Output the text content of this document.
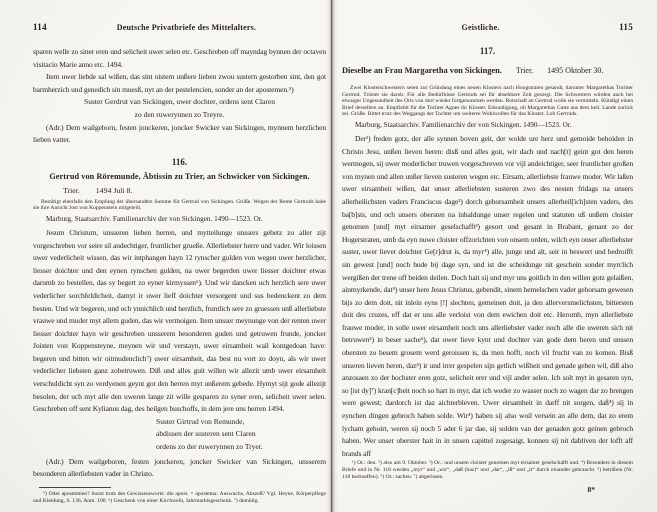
114	Deutsche Privatbriefe des Mittelalters.
sparen welle zo siner eren und selicheit uwer selen etc. Geschreben off mayndag bynnen der octaven visitacio Marie anno etc. 1494.
Item uwer liebde sal wißen, das sint oistern unßere lieben zwou sustern gestorben sint, den got barmherzich und genedich sin muesß, nyt an der pestelencien, sonder an der apostemen.⁵)
Suster Gerdrut van Sickingen, uwer dochter, ordens sent Claren
zo den ruwerynnen zo Treyre.
(Adr.) Dem wailgeborn, festen jonckeren, joncker Swicker van Sickingen, mynnem herzlichen lieben vatter.
116.
Gertrud von Röremunde, Äbtissin zu Trier, an Schwicker von Sickingen.
Trier. 1494 Juli 8.
Bestätigt ebenfalls den Empfang der übersandten Summe für Gertrud von Sickingen. Grüße. Wegen der Rente Gertruds habe sie ihre Ansicht Jost von Koppenstein mitgeteilt.
Marburg, Staatsarchiv. Familienarchiv der von Sickingen. 1490—1523. Or.
Jesum Christum, unsseren lieben herren, und mytteilunge unssers gebetz zo aller zijt vorgeschreben vor seire sil andechtiger, fruntlicher grueße. Allerliebster herre und vader. Wir loissen uwer vederlicheit wissen, das wir intphangen hayn 12 rynscher gulden von wegen uwer herzlicher, liesser doichter und den eynen rynschen gulden, na uwer begerden uwer liesser doichter etwas darumb zo bestellen, das sy begert zo eyner kirmyssen⁶). Und wir dancken uch herzlich sere uwer vederlicher sorchfeldicheit, damyt ir uwer lieff doichter versorgent und sus bedenckent zo dem besten. Und wir begeren, und och ynnichlich und herzlich, fruntlich sere zo gruessen unß allerliebste vrauwe und muder myt allem guden, das wir vermoigen. Item unsser meynunge von der renten uwer liesser doichter hayn wir geschreben unsserem besonderen guden und getruwen frunde, joncker Joisten von Koppensteyne, meynen wir und verstayn, uwer eirsamheit wail kontgedoan have: begeren und bitten wir oitmudenclich⁷) uwer eirsamheit, das best nu vort zo doyn, als wir uwer vederlicher liebsten ganz zobetruwen. Diß und alles guit willen wir allezit umb uwer eirsamheit verschuldicht syn zo verdyenen geynt got den herren myt unßerem gebede. Hymyt sijt gode allezijt besolen, der uch myt alle den uweren lange zit wille gesparen zo syner eren, selicheit uwer selen. Geschreben off sent Kylianus dag, des heilgen buschoffs, in dem jere uns herren 1494.
Suster Girtrud von Remunde,
abdissen der susteren sent Claren
ordens zo der ruwerynnen zo Tryer.
(Adr.) Dem wailgeboren, festen jonckeren, joncker Swicker van Sickingen, unsserem besonderen allerliebsten vader in Christo.
⁵) Oder apostemien? Sonst trotz des Gewissensworts: die apost. = apostema: Auswuchs, Abszeß? Vgl. Heyne, Körperpflege und Kleidung, S. 136, Anm. 100. ⁶) Geschenk von einer Kirchweih, Jahrmarktsgeschenk. ⁷) demütig.
Geistliche.	115
117.
Dieselbe an Frau Margaretha von Sickingen. Trier. 1495 Oktober 30.
Zwei Klosterschwestern seien zur Gründung eines neuen Klosters nach Hoogstraten gesandt, darunter Margarethas Tochter Gertrud. Tröstet sie darob. Für alle Bedürfnisse Gertruds sei für absehbare Zeit gesorgt. Die Schwestern würden auch bei etwaiger Ungesundheit des Orts von dort wieder fortgenommen werden. Botschaft an Gertrud wolle sie vermitteln. Kündigt einen Brief derselben an. Empfiehlt für die Tochter Agnes ihr Kloster. Erkundigung, ob Margarethas Gatte aus dem heil. Lande zurück sei. Grüße. Bittet trotz des Weggangs der Tochter um weiteres Wohlwollen für das Kloster. Lob Gertruds.
Marburg, Staatsarchiv. Familienarchiv der von Sickingen. 1490—1523. Or.
Der¹) freden gotz, der alle synnen boven geit, der wolde ure herz und gemoide behoiden in Christo Jesu, unßen lieven heren: disß und alles goit, wir dach und nach[t] geint got den heren wermogen, sij uwer moderlicher truwen vorgeschreven vor vijl andeichtiger, seer fruntlicher großen von mynen und allen unßer lieven susteren wegen etc. Eirsam, allerliebste frauwe moder. Wir laßen uwer eirsamheit wißen, dat unser allerliebsten susteren zwo des nesten fridags na unsers allerheilichsten vaders Franciscus dage²) dorch gehorsamheit unsers allerheil[ich]sten vaders, des ba[b]sts, und och unsers obersten na inhaldunge unser regelen und statuten uß unßem cloister genomen [und] myt eirsamer geselschafft³) gesort und gesant in Brabant, genant zo der Hogerstraten, umb da eyn nuwe cloister offzorichten von onsem orden, wilch eyn onser allerliebster suster, uwer liever doichter Ge[r]drut is, da myr⁴) alle, junge und alt, seir in beswert und bedroifft sin gewest [und] noch hude bij dage syn, und ist die scheidunge nit geschein sonder myrclich wergißen der trene off beiden deilen. Doch hait sij und myr uns goitlich in den willen gotz gelaißen, ainmyrkende, dat⁵) unser here Jesus Christus, gebendit, sinem hemelschen vader gehorsam gewesen bijs zo dem doit, nit inlein eyns [!] slechten, gemeinen doit, ja den allerversmelichsten, bittersten doit des cruzes, eff dat er uns alle verloist von dem ewichen doit etc. Heromb, myn allerliebste frauwe moder, in solle uwer eirsamheit noch uns allerliebster vader noch alle die uweren sich nit betruwen⁵) in beser sache⁶), dat uwer lieve kynt und dochter van gode dem heren und unssen obersten zo besem grosem werd geroissen is, da men hofft, noch vil frucht van zo komen. Bisß unseren lieven heren, daz⁴) ir und irrer gespelen sijn getlich wißheit und genade geben wil, diß also anzosaen zo der hochster eren gotz, selicheit erer und vijl ander selen. Ich solt myt in gesaren syn, so [ist dy]⁷) kran[c]heit noch so hart in myr, dat ich weder zo wasser noch zo wagen dar zo brengen were gewest; dardorch ist daz aichterbleven. Uwer eirsamheit in darff nit sorgen, daß⁴) sij in eynchen dingen gebroch haben solde. Wir⁴) haben sij also woil versein an alle dem, dat zo erem lycham gehoirt, weren sij noch 5 ader 6 jar dae, sij solden van der genaden gotz geinen gebroch haben. Wer unser oberster hait in in unsen capittel zogesaigt, konnen sij nit dabliven der lofft aff brands aff
¹) Or.: den. ²) also am 9. Oktober. ³) Or.: und unsem cloister genomen myt eirsamer geselschafft und. ⁴) Besonders in diesem Briefe und in Nr. 118 werden „myr“ und „wir“, „daß (baz)“ und „dat“, „iß“ und „it“ durch einander gebraucht. ⁵) betrüben (Nr. 118 bedrueffen). ⁶) Or.: sachen. ⁷) abgerissen.
8*
